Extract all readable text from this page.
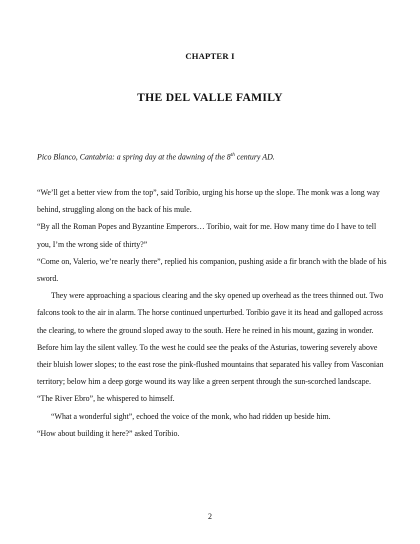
CHAPTER I
THE DEL VALLE FAMILY
Pico Blanco, Cantabria: a spring day at the dawning of the 8th century AD.

“We’ll get a better view from the top”, said Toríbio, urging his horse up the slope. The monk was a long way behind, struggling along on the back of his mule.

“By all the Roman Popes and Byzantine Emperors… Toríbio, wait for me. How many time do I have to tell you, I’m the wrong side of thirty?”

“Come on, Valerio, we’re nearly there”, replied his companion, pushing aside a fir branch with the blade of his sword.

They were approaching a spacious clearing and the sky opened up overhead as the trees thinned out. Two falcons took to the air in alarm. The horse continued unperturbed. Toríbio gave it its head and galloped across the clearing, to where the ground sloped away to the south. Here he reined in his mount, gazing in wonder. Before him lay the silent valley. To the west he could see the peaks of the Asturias, towering severely above their bluish lower slopes; to the east rose the pink-flushed mountains that separated his valley from Vasconian territory; below him a deep gorge wound its way like a green serpent through the sun-scorched landscape.

“The River Ebro”, he whispered to himself.

“What a wonderful sight”, echoed the voice of the monk, who had ridden up beside him.

“How about building it here?” asked Toríbio.

2
